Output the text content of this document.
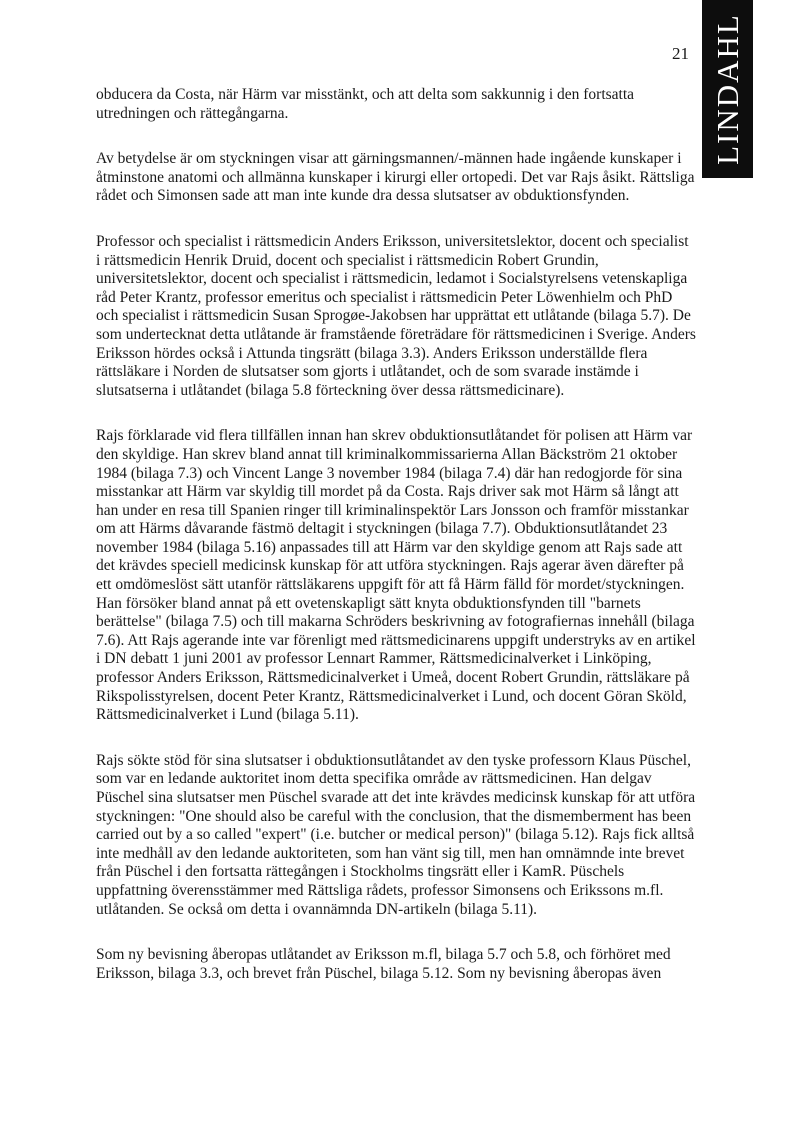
LINDAHL
21

obducera da Costa, när Härm var misstänkt, och att delta som sakkunnig i den fortsatta utredningen och rättegångarna.

Av betydelse är om styckningen visar att gärningsmannen/-männen hade ingående kunskaper i åtminstone anatomi och allmänna kunskaper i kirurgi eller ortopedi. Det var Rajs åsikt. Rättsliga rådet och Simonsen sade att man inte kunde dra dessa slutsatser av obduktionsfynden.

Professor och specialist i rättsmedicin Anders Eriksson, universitetslektor, docent och specialist i rättsmedicin Henrik Druid, docent och specialist i rättsmedicin Robert Grundin, universitetslektor, docent och specialist i rättsmedicin, ledamot i Socialstyrelsens vetenskapliga råd Peter Krantz, professor emeritus och specialist i rättsmedicin Peter Löwenhielm och PhD och specialist i rättsmedicin Susan Sprogøe-Jakobsen har upprättat ett utlåtande (bilaga 5.7). De som undertecknat detta utlåtande är framstående företrädare för rättsmedicinen i Sverige. Anders Eriksson hördes också i Attunda tingsrätt (bilaga 3.3). Anders Eriksson underställde flera rättsläkare i Norden de slutsatser som gjorts i utlåtandet, och de som svarade instämde i slutsatserna i utlåtandet (bilaga 5.8 förteckning över dessa rättsmedicinare).

Rajs förklarade vid flera tillfällen innan han skrev obduktionsutlåtandet för polisen att Härm var den skyldige. Han skrev bland annat till kriminalkommissarierna Allan Bäckström 21 oktober 1984 (bilaga 7.3) och Vincent Lange 3 november 1984 (bilaga 7.4) där han redogjorde för sina misstankar att Härm var skyldig till mordet på da Costa. Rajs driver sak mot Härm så långt att han under en resa till Spanien ringer till kriminalinspektör Lars Jonsson och framför misstankar om att Härms dåvarande fästmö deltagit i styckningen (bilaga 7.7). Obduktionsutlåtandet 23 november 1984 (bilaga 5.16) anpassades till att Härm var den skyldige genom att Rajs sade att det krävdes speciell medicinsk kunskap för att utföra styckningen. Rajs agerar även därefter på ett omdömeslöst sätt utanför rättsläkarens uppgift för att få Härm fälld för mordet/styckningen. Han försöker bland annat på ett ovetenskapligt sätt knyta obduktionsfynden till "barnets berättelse" (bilaga 7.5) och till makarna Schröders beskrivning av fotografiernas innehåll (bilaga 7.6). Att Rajs agerande inte var förenligt med rättsmedicinarens uppgift understryks av en artikel i DN debatt 1 juni 2001 av professor Lennart Rammer, Rättsmedicinalverket i Linköping, professor Anders Eriksson, Rättsmedicinalverket i Umeå, docent Robert Grundin, rättsläkare på Rikspolisstyrelsen, docent Peter Krantz, Rättsmedicinalverket i Lund, och docent Göran Sköld, Rättsmedicinalverket i Lund (bilaga 5.11).

Rajs sökte stöd för sina slutsatser i obduktionsutlåtandet av den tyske professorn Klaus Püschel, som var en ledande auktoritet inom detta specifika område av rättsmedicinen. Han delgav Püschel sina slutsatser men Püschel svarade att det inte krävdes medicinsk kunskap för att utföra styckningen: "One should also be careful with the conclusion, that the dismemberment has been carried out by a so called "expert" (i.e. butcher or medical person)" (bilaga 5.12). Rajs fick alltså inte medhåll av den ledande auktoriteten, som han vänt sig till, men han omnämnde inte brevet från Püschel i den fortsatta rättegången i Stockholms tingsrätt eller i KamR. Püschels uppfattning överensstämmer med Rättsliga rådets, professor Simonsens och Erikssons m.fl. utlåtanden. Se också om detta i ovannämnda DN-artikeln (bilaga 5.11).

Som ny bevisning åberopas utlåtandet av Eriksson m.fl, bilaga 5.7 och 5.8, och förhöret med Eriksson, bilaga 3.3, och brevet från Püschel, bilaga 5.12. Som ny bevisning åberopas även
